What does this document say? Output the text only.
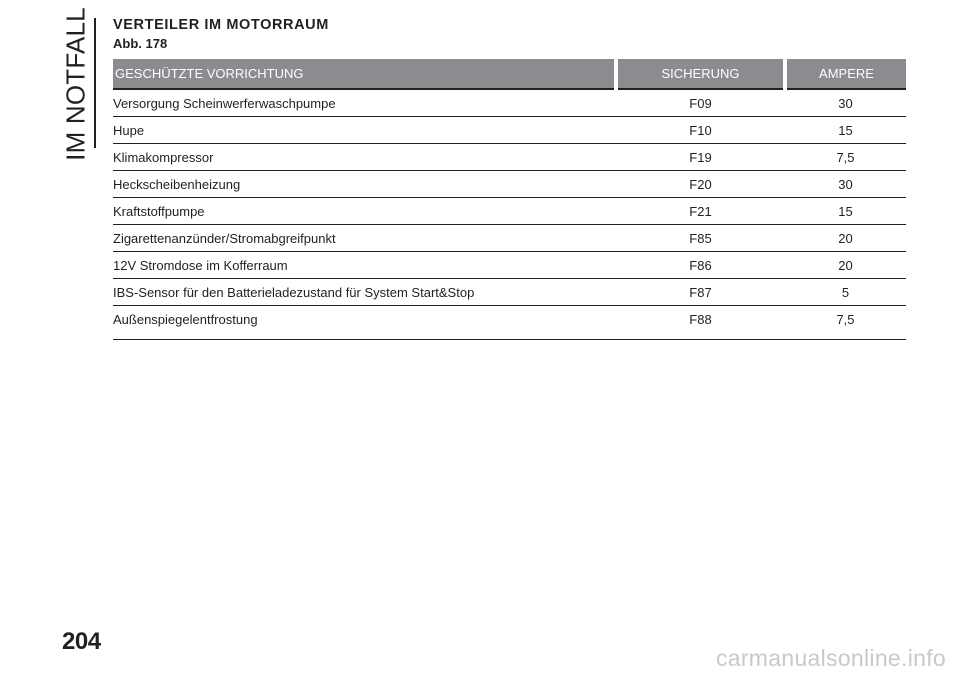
IM NOTFALL VERTEILER IM MOTORRAUM
Abb. 178
GESCHÜTZTE VORRICHTUNG	SICHERUNG	AMPERE
Versorgung Scheinwerferwaschpumpe	F09	30
Hupe	F10	15
Klimakompressor	F19	7,5
Heckscheibenheizung	F20	30
Kraftstoffpumpe	F21	15
Zigarettenanzünder/Stromabgreifpunkt	F85	20
12V Stromdose im Kofferraum	F86	20
IBS-Sensor für den Batterieladezustand für System Start&Stop	F87	5
Außenspiegelentfrostung	F88	7,5
204
carmanualsonline.info
